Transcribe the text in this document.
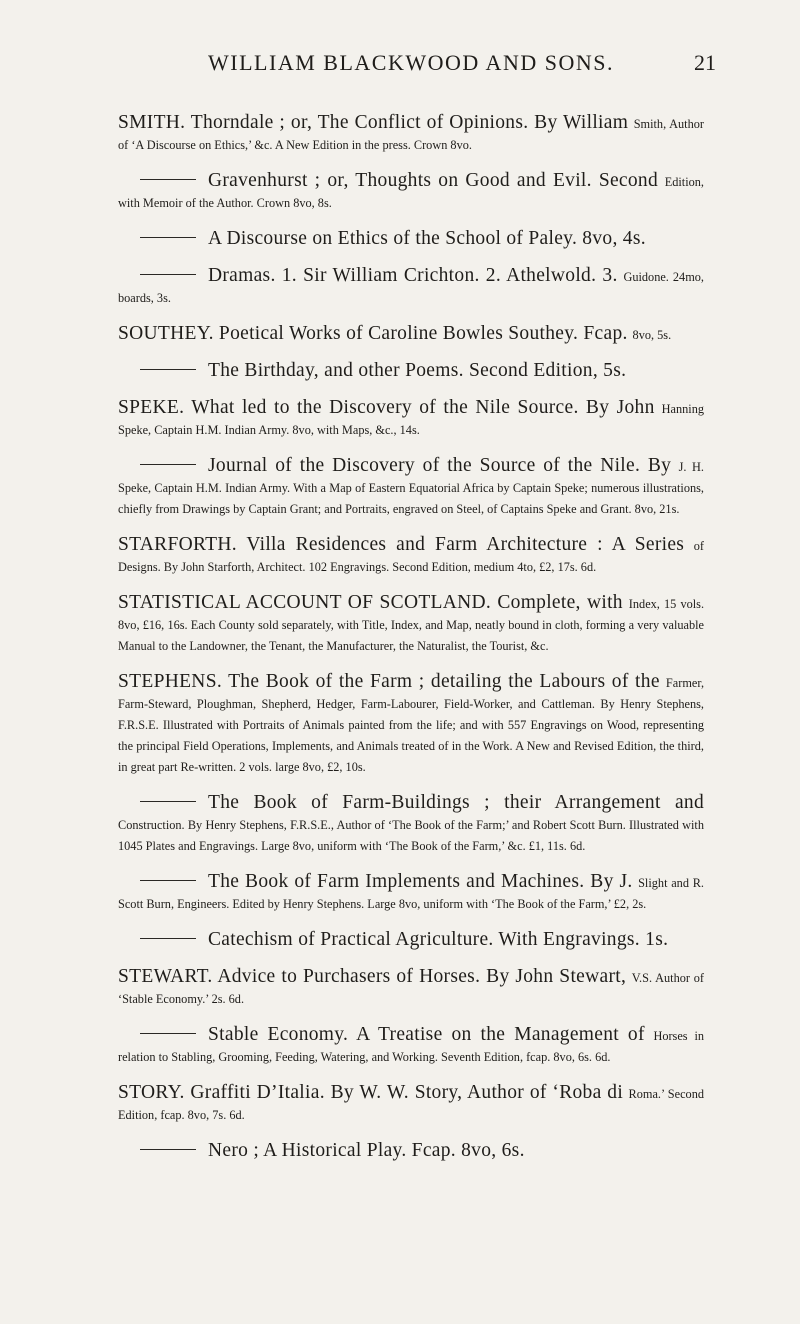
WILLIAM BLACKWOOD AND SONS.	21

SMITH. Thorndale ; or, The Conflict of Opinions. By William Smith, Author of ‘A Discourse on Ethics,’ &c. A New Edition in the press. Crown 8vo.

Gravenhurst ; or, Thoughts on Good and Evil. Second Edition, with Memoir of the Author. Crown 8vo, 8s.

A Discourse on Ethics of the School of Paley. 8vo, 4s.

Dramas. 1. Sir William Crichton. 2. Athelwold. 3. Guidone. 24mo, boards, 3s.

SOUTHEY. Poetical Works of Caroline Bowles Southey. Fcap. 8vo, 5s.

The Birthday, and other Poems. Second Edition, 5s.

SPEKE. What led to the Discovery of the Nile Source. By John Hanning Speke, Captain H.M. Indian Army. 8vo, with Maps, &c., 14s.

Journal of the Discovery of the Source of the Nile. By J. H. Speke, Captain H.M. Indian Army. With a Map of Eastern Equatorial Africa by Captain Speke; numerous illustrations, chiefly from Drawings by Captain Grant; and Portraits, engraved on Steel, of Captains Speke and Grant. 8vo, 21s.

STARFORTH. Villa Residences and Farm Architecture : A Series of Designs. By John Starforth, Architect. 102 Engravings. Second Edition, medium 4to, £2, 17s. 6d.

STATISTICAL ACCOUNT OF SCOTLAND. Complete, with Index, 15 vols. 8vo, £16, 16s. Each County sold separately, with Title, Index, and Map, neatly bound in cloth, forming a very valuable Manual to the Landowner, the Tenant, the Manufacturer, the Naturalist, the Tourist, &c.

STEPHENS. The Book of the Farm ; detailing the Labours of the Farmer, Farm-Steward, Ploughman, Shepherd, Hedger, Farm-Labourer, Field-Worker, and Cattleman. By Henry Stephens, F.R.S.E. Illustrated with Portraits of Animals painted from the life; and with 557 Engravings on Wood, representing the principal Field Operations, Implements, and Animals treated of in the Work. A New and Revised Edition, the third, in great part Re-written. 2 vols. large 8vo, £2, 10s.

The Book of Farm-Buildings ; their Arrangement and Construction. By Henry Stephens, F.R.S.E., Author of ‘The Book of the Farm;’ and Robert Scott Burn. Illustrated with 1045 Plates and Engravings. Large 8vo, uniform with ‘The Book of the Farm,’ &c. £1, 11s. 6d.

The Book of Farm Implements and Machines. By J. Slight and R. Scott Burn, Engineers. Edited by Henry Stephens. Large 8vo, uniform with ‘The Book of the Farm,’ £2, 2s.

Catechism of Practical Agriculture. With Engravings. 1s.

STEWART. Advice to Purchasers of Horses. By John Stewart, V.S. Author of ‘Stable Economy.’ 2s. 6d.

Stable Economy. A Treatise on the Management of Horses in relation to Stabling, Grooming, Feeding, Watering, and Working. Seventh Edition, fcap. 8vo, 6s. 6d.

STORY. Graffiti D’Italia. By W. W. Story, Author of ‘Roba di Roma.’ Second Edition, fcap. 8vo, 7s. 6d.

Nero ; A Historical Play. Fcap. 8vo, 6s.
